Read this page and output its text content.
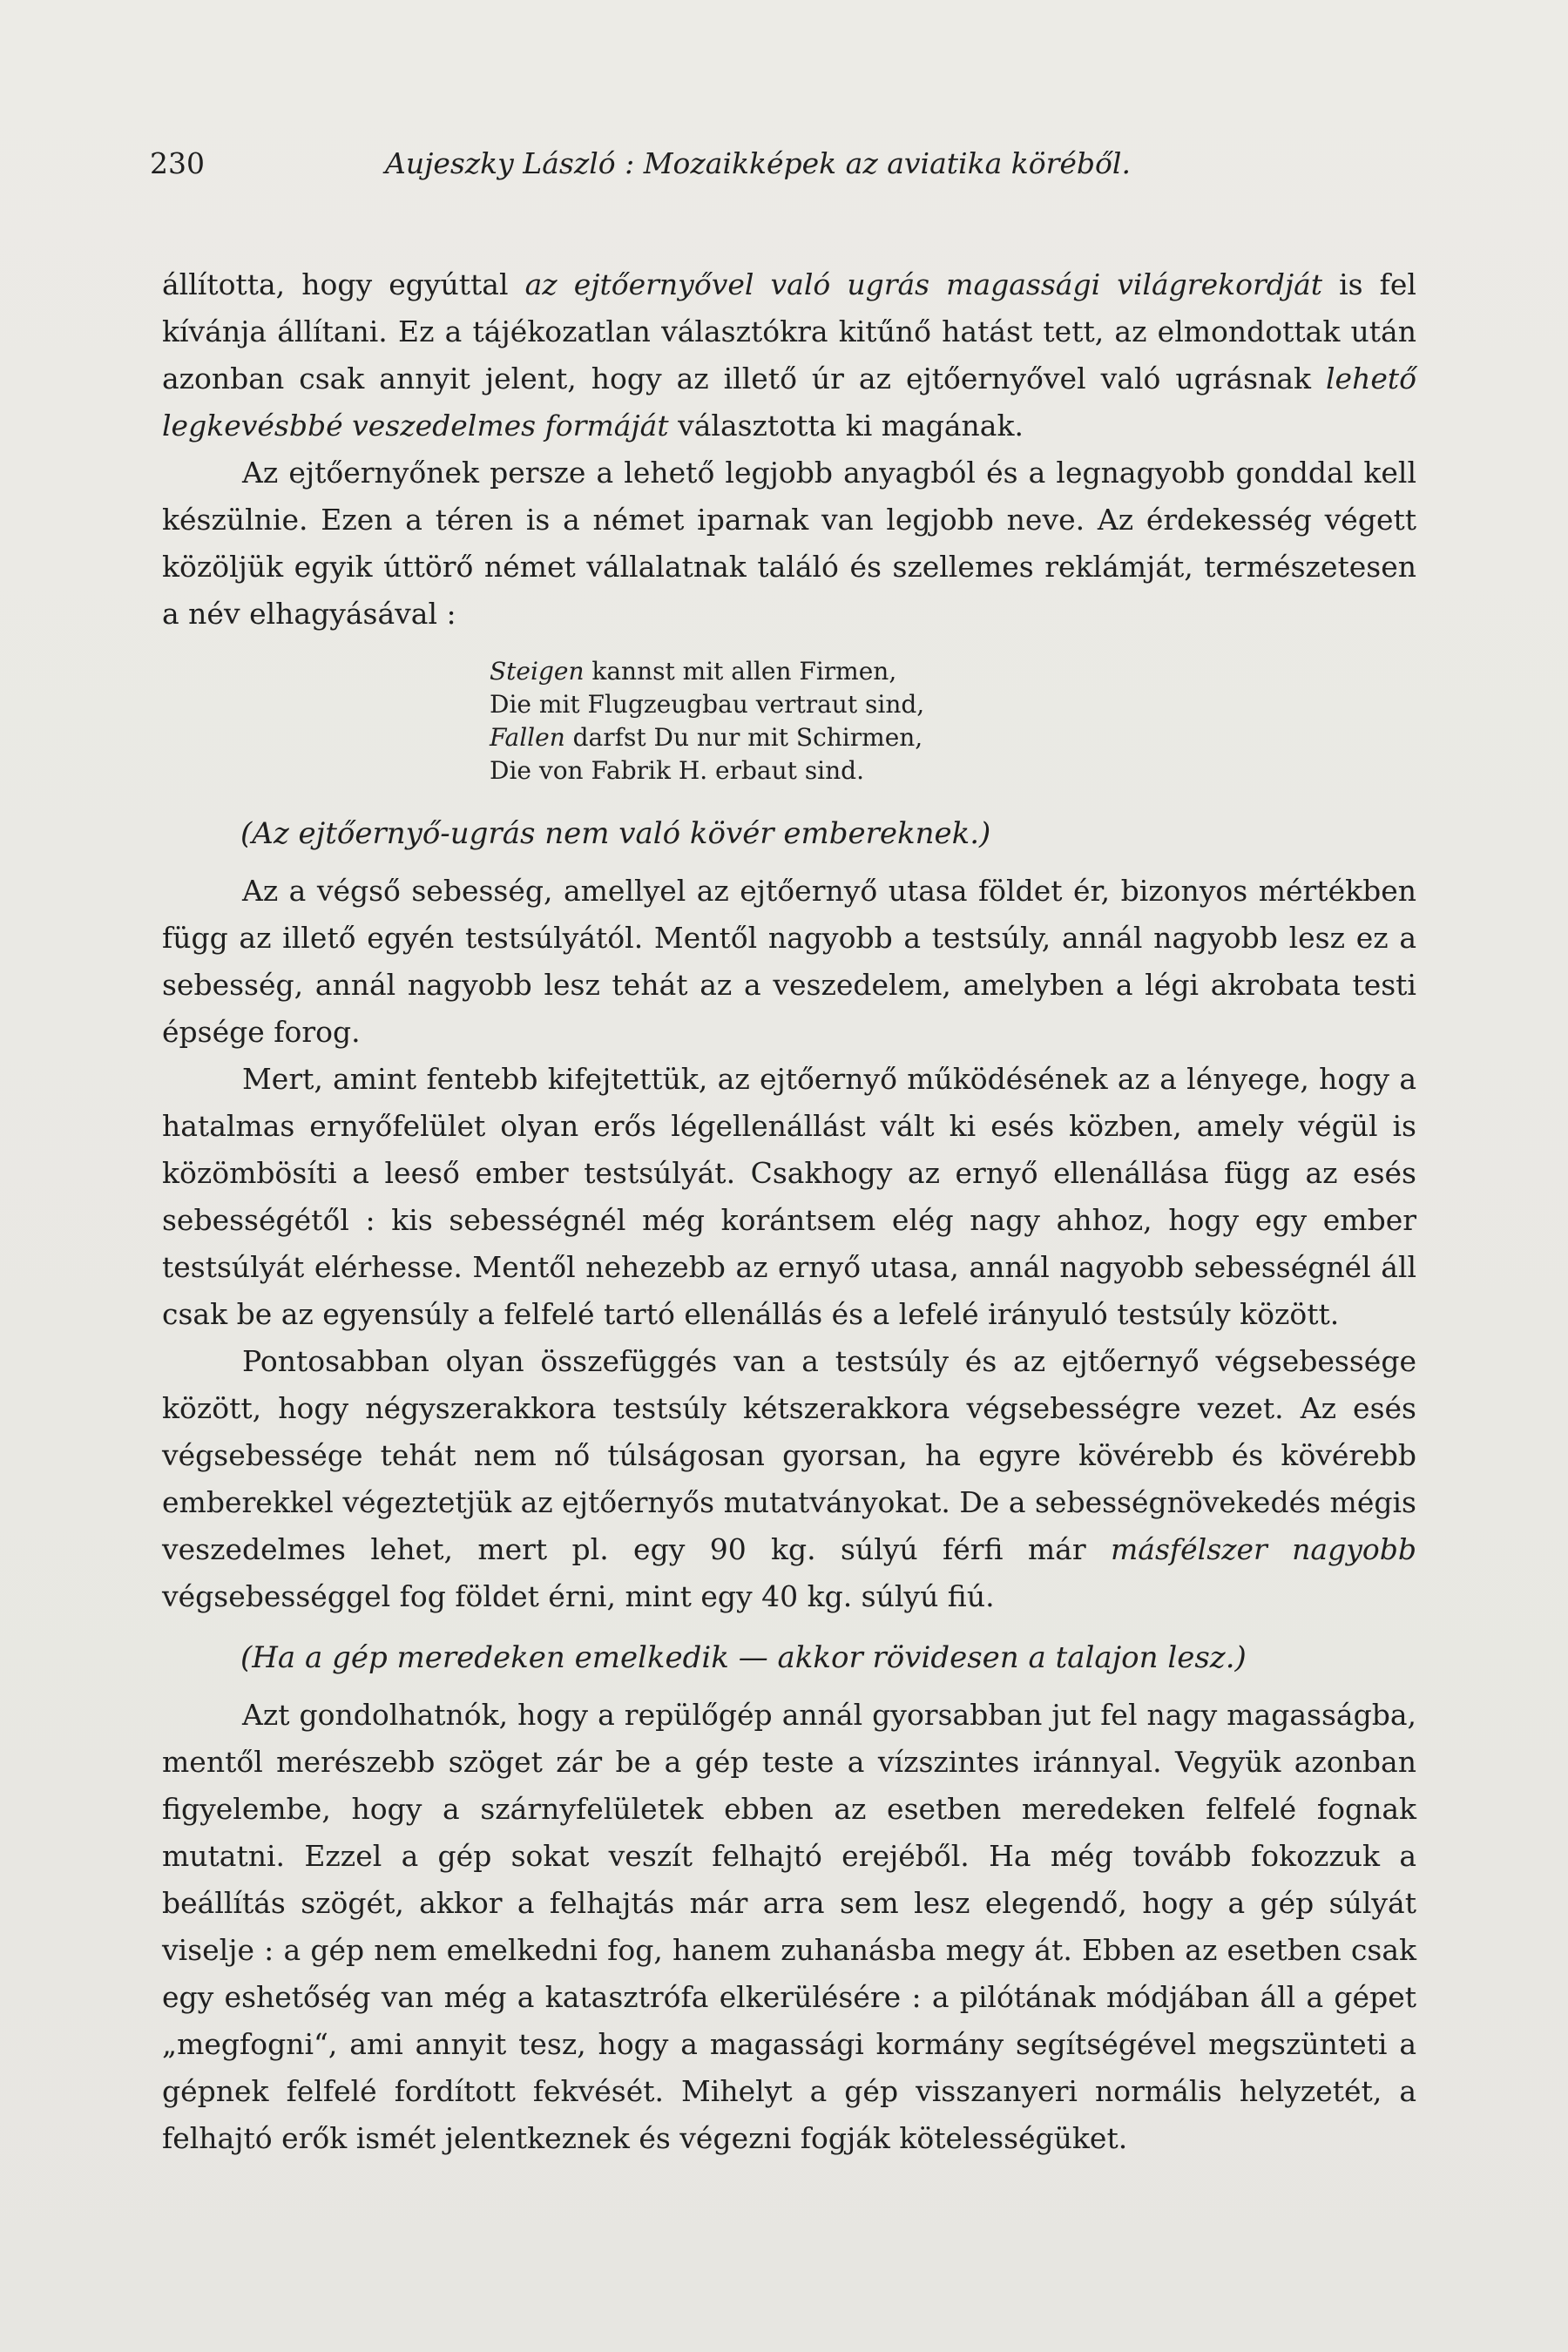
230	Aujeszky László : Mozaikképek az aviatika köréből.

állította, hogy egyúttal az ejtőernyővel való ugrás magassági világrekordját is fel kívánja állítani. Ez a tájékozatlan választókra kitűnő hatást tett, az elmondottak után azonban csak annyit jelent, hogy az illető úr az ejtőernyővel való ugrásnak lehető legkevésbbé veszedelmes formáját választotta ki magának.

Az ejtőernyőnek persze a lehető legjobb anyagból és a legnagyobb gonddal kell készülnie. Ezen a téren is a német iparnak van legjobb neve. Az érdekesség végett közöljük egyik úttörő német vállalatnak találó és szellemes reklámját, természetesen a név elhagyásával :

Steigen kannst mit allen Firmen,
Die mit Flugzeugbau vertraut sind,
Fallen darfst Du nur mit Schirmen,
Die von Fabrik H. erbaut sind.
(Az ejtőernyő-ugrás nem való kövér embereknek.)

Az a végső sebesség, amellyel az ejtőernyő utasa földet ér, bizonyos mértékben függ az illető egyén testsúlyától. Mentől nagyobb a testsúly, annál nagyobb lesz ez a sebesség, annál nagyobb lesz tehát az a veszedelem, amelyben a légi akrobata testi épsége forog.

Mert, amint fentebb kifejtettük, az ejtőernyő működésének az a lényege, hogy a hatalmas ernyőfelület olyan erős légellenállást vált ki esés közben, amely végül is közömbösíti a leeső ember testsúlyát. Csakhogy az ernyő ellenállása függ az esés sebességétől : kis sebességnél még korántsem elég nagy ahhoz, hogy egy ember testsúlyát elérhesse. Mentől nehezebb az ernyő utasa, annál nagyobb sebességnél áll csak be az egyensúly a felfelé tartó ellenállás és a lefelé irányuló testsúly között.

Pontosabban olyan összefüggés van a testsúly és az ejtőernyő végsebessége között, hogy négyszerakkora testsúly kétszerakkora végsebességre vezet. Az esés végsebessége tehát nem nő túlságosan gyorsan, ha egyre kövérebb és kövérebb emberekkel végeztetjük az ejtőernyős mutatványokat. De a sebességnövekedés mégis veszedelmes lehet, mert pl. egy 90 kg. súlyú férfi már másfélszer nagyobb végsebességgel fog földet érni, mint egy 40 kg. súlyú fiú.

(Ha a gép meredeken emelkedik — akkor rövidesen a talajon lesz.)

Azt gondolhatnók, hogy a repülőgép annál gyorsabban jut fel nagy magasságba, mentől merészebb szöget zár be a gép teste a vízszintes iránnyal. Vegyük azonban figyelembe, hogy a szárnyfelületek ebben az esetben meredeken felfelé fognak mutatni. Ezzel a gép sokat veszít felhajtó erejéből. Ha még tovább fokozzuk a beállítás szögét, akkor a felhajtás már arra sem lesz elegendő, hogy a gép súlyát viselje : a gép nem emelkedni fog, hanem zuhanásba megy át. Ebben az esetben csak egy eshetőség van még a katasztrófa elkerülésére : a pilótának módjában áll a gépet „megfogni“, ami annyit tesz, hogy a magassági kormány segítségével megszünteti a gépnek felfelé fordított fekvését. Mihelyt a gép visszanyeri normális helyzetét, a felhajtó erők ismét jelentkeznek és végezni fogják kötelességüket.
